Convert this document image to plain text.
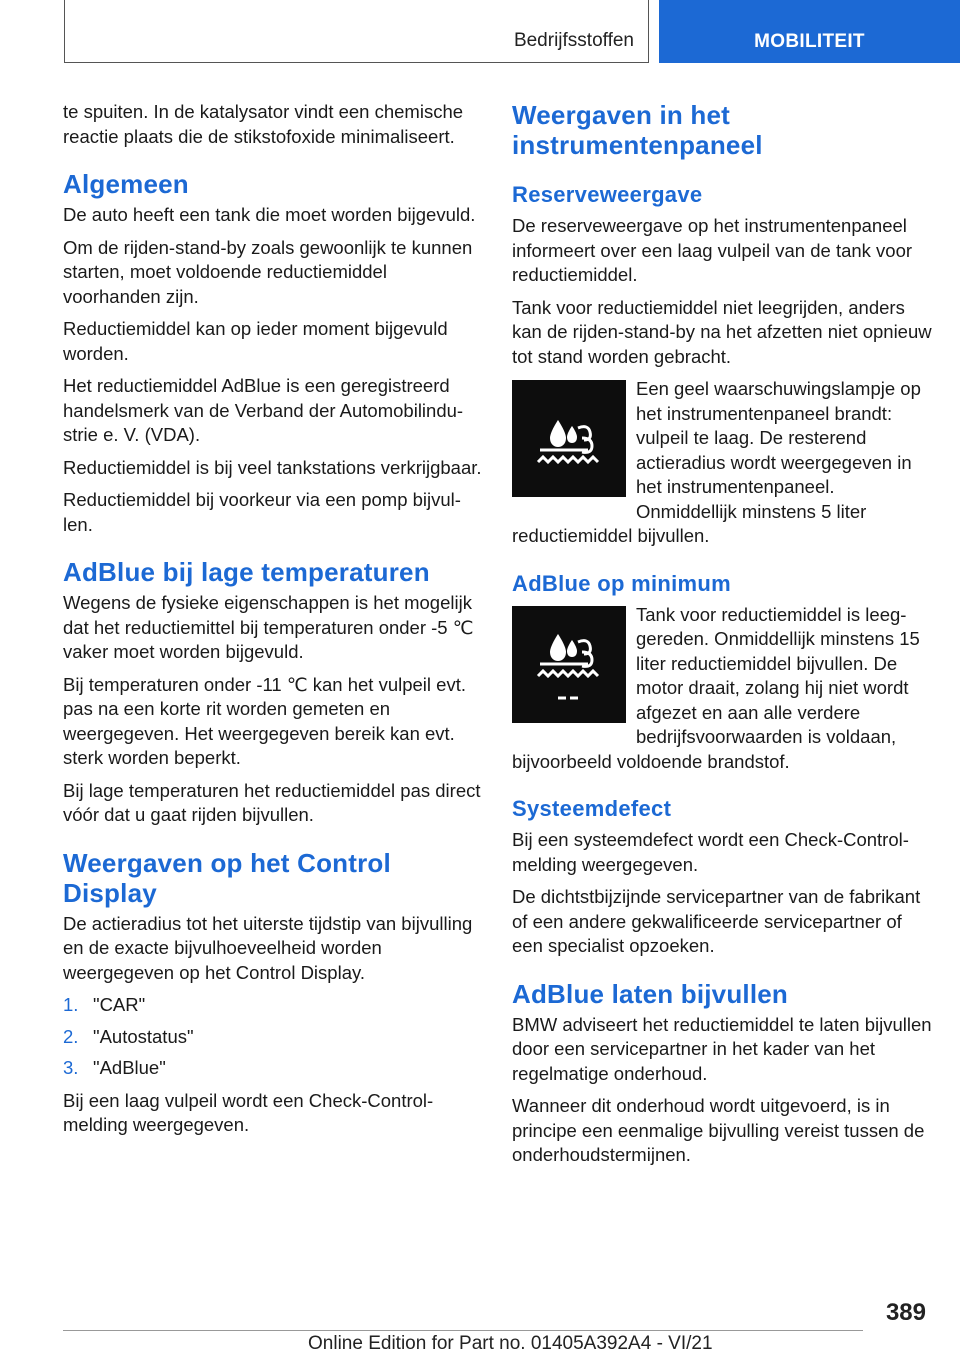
Bedrijfsstoffen	MOBILITEIT

te spuiten. In de katalysator vindt een chemische reactie plaats die de stikstofoxide minimaliseert.

Algemeen

De auto heeft een tank die moet worden bijgevuld.

Om de rijden-stand-by zoals gewoonlijk te kunnen starten, moet voldoende reductiemiddel voorhanden zijn.

Reductiemiddel kan op ieder moment bijgevuld worden.

Het reductiemiddel AdBlue is een geregistreerd handelsmerk van de Verband der Automobilindustrie e. V. (VDA).

Reductiemiddel is bij veel tankstations verkrijgbaar.

Reductiemiddel bij voorkeur via een pomp bijvullen.

AdBlue bij lage temperaturen

Wegens de fysieke eigenschappen is het mogelijk dat het reductiemittel bij temperaturen onder -5 ℃ vaker moet worden bijgevuld.

Bij temperaturen onder -11 ℃ kan het vulpeil evt. pas na een korte rit worden gemeten en weergegeven. Het weergegeven bereik kan evt. sterk worden beperkt.

Bij lage temperaturen het reductiemiddel pas direct vóór dat u gaat rijden bijvullen.

Weergaven op het Control Display

De actieradius tot het uiterste tijdstip van bijvulling en de exacte bijvulhoeveelheid worden weergegeven op het Control Display.

1. "CAR"
2. "Autostatus"
3. "AdBlue"

Bij een laag vulpeil wordt een Check-Control-melding weergegeven.

Weergaven in het instrumentenpaneel
Reserveweergave

De reserveweergave op het instrumentenpaneel informeert over een laag vulpeil van de tank voor reductiemiddel.

Tank voor reductiemiddel niet leegrijden, anders kan de rijden-stand-by na het afzetten niet opnieuw tot stand worden gebracht.

Een geel waarschuwingslampje op het instrumentenpaneel brandt: vulpeil te laag. De resterend actieradius wordt weergegeven in het instrumentenpaneel. Onmiddellijk minstens 5 liter reductiemiddel bijvullen.

AdBlue op minimum

Tank voor reductiemiddel is leeggereden. Onmiddellijk minstens 15 liter reductiemiddel bijvullen. De motor draait, zolang hij niet wordt afgezet en aan alle verdere bedrijfsvoorwaarden is voldaan, bijvoorbeeld voldoende brandstof.

Systeemdefect

Bij een systeemdefect wordt een Check-Control-melding weergegeven.

De dichtstbijzijnde servicepartner van de fabrikant of een andere gekwalificeerde servicepartner of een specialist opzoeken.

AdBlue laten bijvullen

BMW adviseert het reductiemiddel te laten bijvullen door een servicepartner in het kader van het regelmatige onderhoud.

Wanneer dit onderhoud wordt uitgevoerd, is in principe een eenmalige bijvulling vereist tussen de onderhoudstermijnen.

389
Online Edition for Part no. 01405A392A4 - VI/21
